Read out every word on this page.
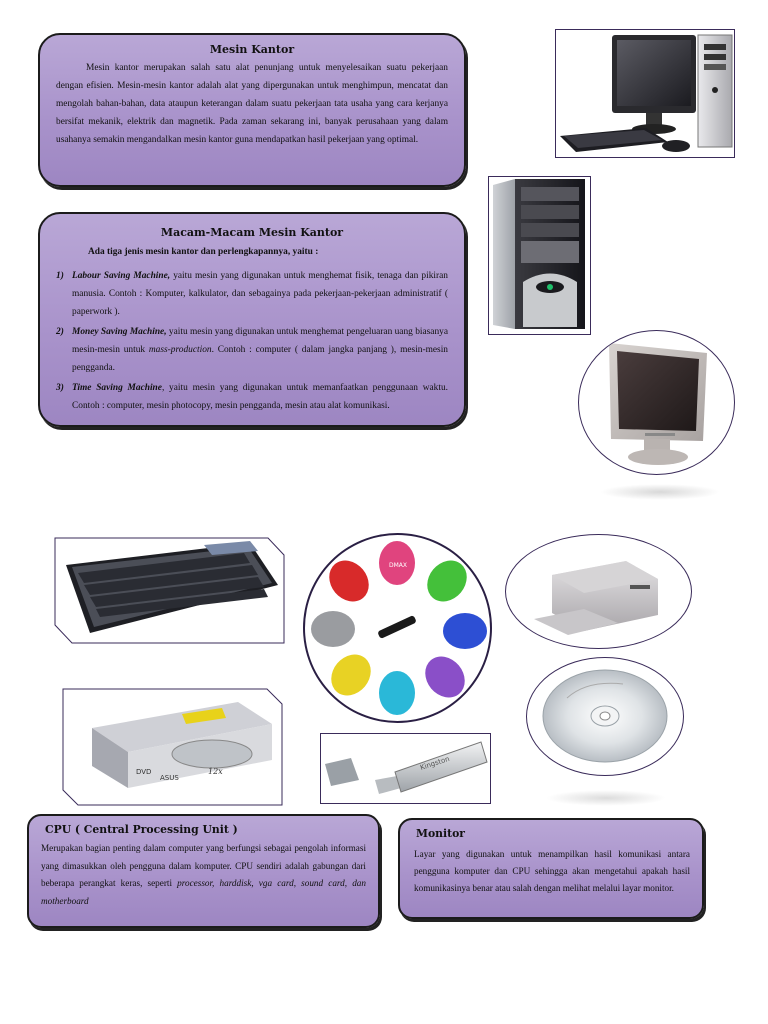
Mesin Kantor
Mesin kantor merupakan salah satu alat penunjang untuk menyelesaikan suatu pekerjaan dengan efisien. Mesin-mesin kantor adalah alat yang dipergunakan untuk menghimpun, mencatat dan mengolah bahan-bahan, data ataupun keterangan dalam suatu pekerjaan tata usaha yang cara kerjanya bersifat mekanik, elektrik dan magnetik. Pada zaman sekarang ini, banyak perusahaan yang dalam usahanya semakin mengandalkan mesin kantor guna mendapatkan hasil pekerjaan yang optimal.
Macam-Macam Mesin Kantor
Ada tiga jenis mesin kantor dan perlengkapannya, yaitu :
1) Labour Saving Machine, yaitu mesin yang digunakan untuk menghemat fisik, tenaga dan pikiran manusia. Contoh : Komputer, kalkulator, dan sebagainya pada pekerjaan-pekerjaan administratif ( paperwork ).
2) Money Saving Machine, yaitu mesin yang digunakan untuk menghemat pengeluaran uang biasanya mesin-mesin untuk mass-production. Contoh : computer ( dalam jangka panjang ), mesin-mesin pengganda.
3) Time Saving Machine, yaitu mesin yang digunakan untuk memanfaatkan penggunaan waktu. Contoh : computer, mesin photocopy, mesin pengganda, mesin atau alat komunikasi.
DMAX
DVD
ASUS
12x	Kingston
CPU ( Central Processing Unit )
Merupakan bagian penting dalam computer yang berfungsi sebagai pengolah informasi yang dimasukkan oleh pengguna dalam komputer. CPU sendiri adalah gabungan dari beberapa perangkat keras, seperti processor, harddisk, vga card, sound card, dan motherboard
Monitor
Layar yang digunakan untuk menampilkan hasil komunikasi antara pengguna komputer dan CPU sehingga akan mengetahui apakah hasil komunikasinya benar atau salah dengan melihat melalui layar monitor.
